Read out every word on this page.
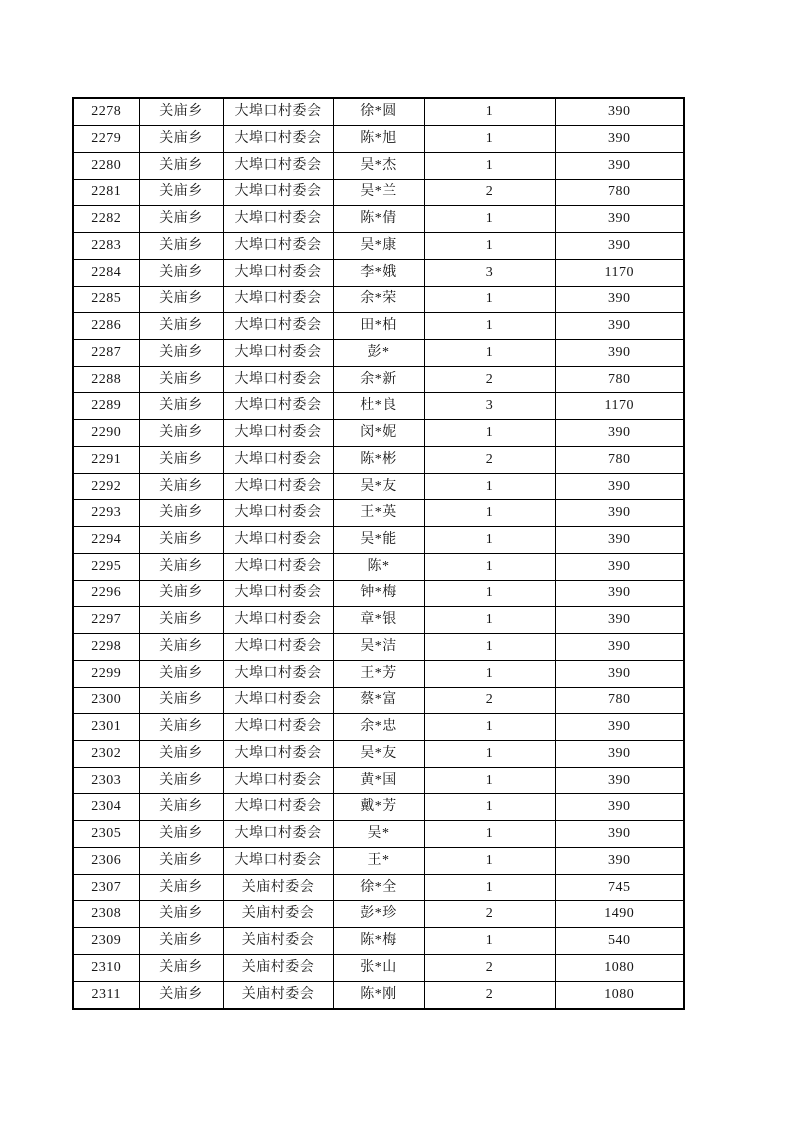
2278	关庙乡	大埠口村委会	徐*圆	1	390
2279	关庙乡	大埠口村委会	陈*旭	1	390
2280	关庙乡	大埠口村委会	吴*杰	1	390
2281	关庙乡	大埠口村委会	吴*兰	2	780
2282	关庙乡	大埠口村委会	陈*倩	1	390
2283	关庙乡	大埠口村委会	吴*康	1	390
2284	关庙乡	大埠口村委会	李*娥	3	1170
2285	关庙乡	大埠口村委会	余*荣	1	390
2286	关庙乡	大埠口村委会	田*柏	1	390
2287	关庙乡	大埠口村委会	彭*	1	390
2288	关庙乡	大埠口村委会	余*新	2	780
2289	关庙乡	大埠口村委会	杜*良	3	1170
2290	关庙乡	大埠口村委会	闵*妮	1	390
2291	关庙乡	大埠口村委会	陈*彬	2	780
2292	关庙乡	大埠口村委会	吴*友	1	390
2293	关庙乡	大埠口村委会	王*英	1	390
2294	关庙乡	大埠口村委会	吴*能	1	390
2295	关庙乡	大埠口村委会	陈*	1	390
2296	关庙乡	大埠口村委会	钟*梅	1	390
2297	关庙乡	大埠口村委会	章*银	1	390
2298	关庙乡	大埠口村委会	吴*洁	1	390
2299	关庙乡	大埠口村委会	王*芳	1	390
2300	关庙乡	大埠口村委会	蔡*富	2	780
2301	关庙乡	大埠口村委会	余*忠	1	390
2302	关庙乡	大埠口村委会	吴*友	1	390
2303	关庙乡	大埠口村委会	黄*国	1	390
2304	关庙乡	大埠口村委会	戴*芳	1	390
2305	关庙乡	大埠口村委会	吴*	1	390
2306	关庙乡	大埠口村委会	王*	1	390
2307	关庙乡	关庙村委会	徐*全	1	745
2308	关庙乡	关庙村委会	彭*珍	2	1490
2309	关庙乡	关庙村委会	陈*梅	1	540
2310	关庙乡	关庙村委会	张*山	2	1080
2311	关庙乡	关庙村委会	陈*刚	2	1080
